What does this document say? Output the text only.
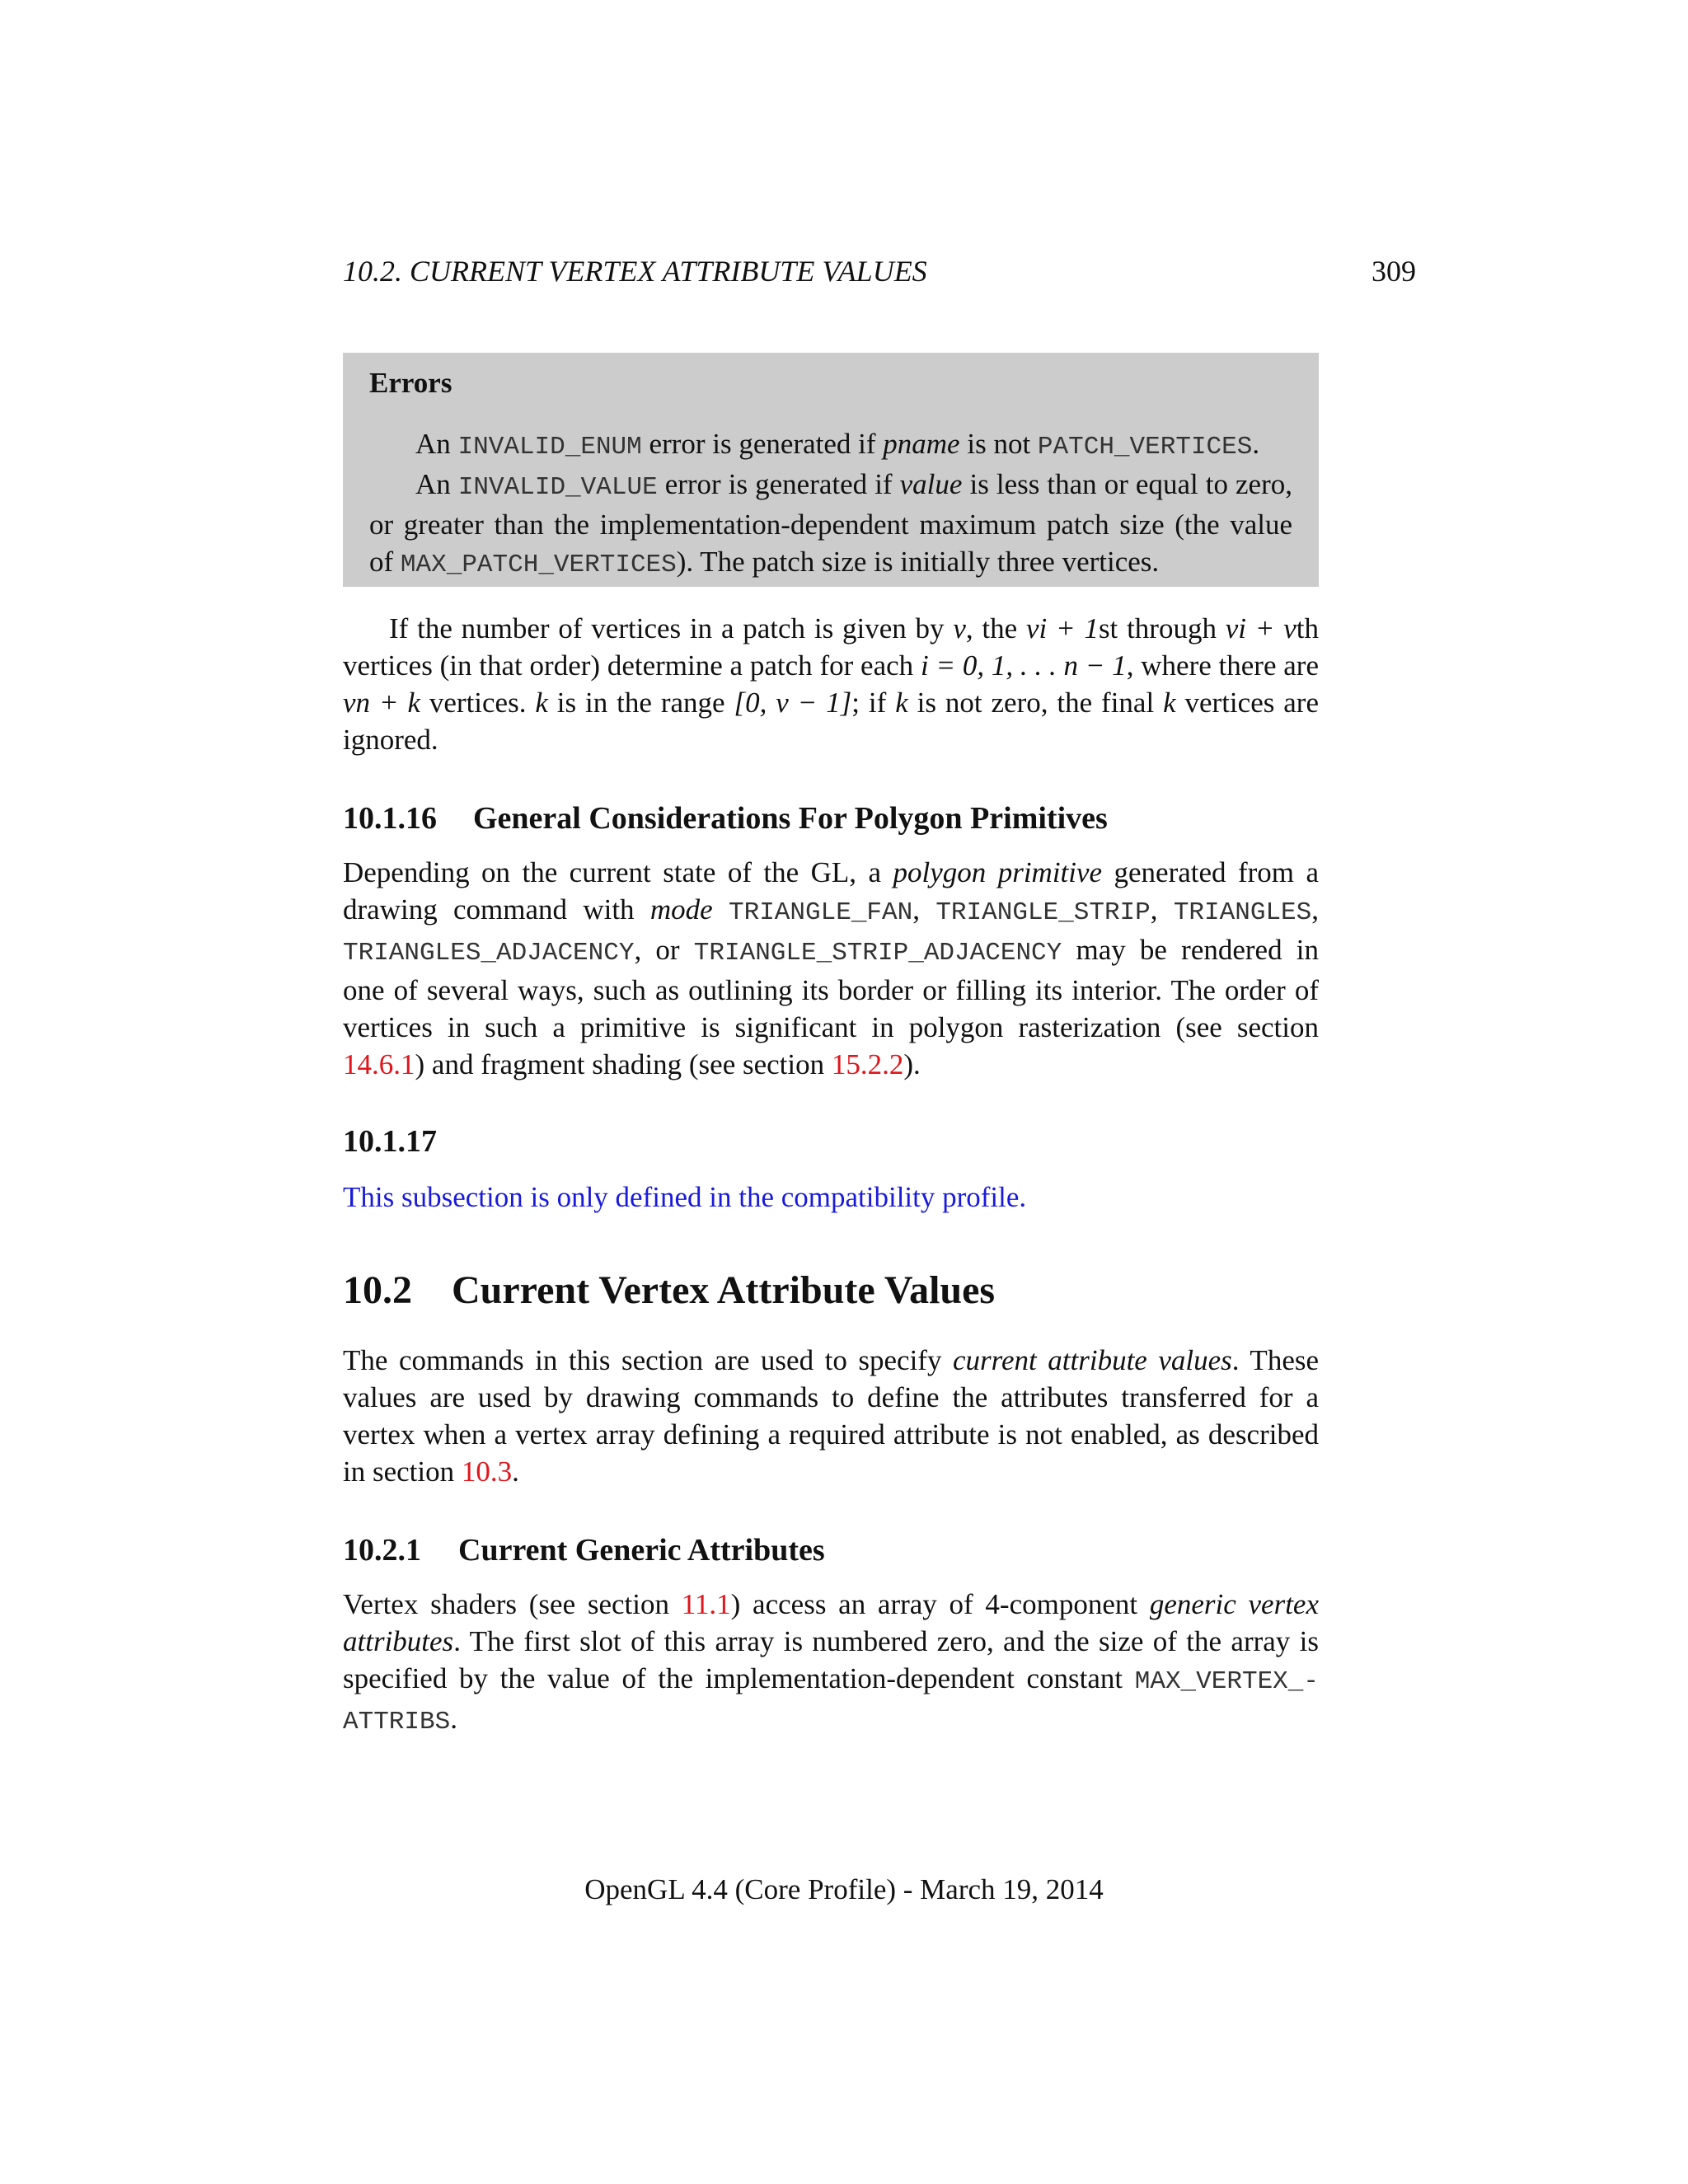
10.2. CURRENT VERTEX ATTRIBUTE VALUES	309

Errors

An INVALID_ENUM error is generated if pname is not PATCH_VERTICES.

An INVALID_VALUE error is generated if value is less than or equal to zero, or greater than the implementation-dependent maximum patch size (the value of MAX_PATCH_VERTICES). The patch size is initially three vertices.

If the number of vertices in a patch is given by v, the vi + 1st through vi + vth vertices (in that order) determine a patch for each i = 0, 1, . . . n − 1, where there are vn + k vertices. k is in the range [0, v − 1]; if k is not zero, the final k vertices are ignored.

10.1.16 General Considerations For Polygon Primitives

Depending on the current state of the GL, a polygon primitive generated from a drawing command with mode TRIANGLE_FAN, TRIANGLE_STRIP, TRIANGLES, TRIANGLES_ADJACENCY, or TRIANGLE_STRIP_ADJACENCY may be rendered in one of several ways, such as outlining its border or filling its interior. The order of vertices in such a primitive is significant in polygon rasterization (see section 14.6.1) and fragment shading (see section 15.2.2).

10.1.17

This subsection is only defined in the compatibility profile.

10.2 Current Vertex Attribute Values

The commands in this section are used to specify current attribute values. These values are used by drawing commands to define the attributes transferred for a vertex when a vertex array defining a required attribute is not enabled, as described in section 10.3.

10.2.1 Current Generic Attributes

Vertex shaders (see section 11.1) access an array of 4-component generic vertex attributes. The first slot of this array is numbered zero, and the size of the array is specified by the value of the implementation-dependent constant MAX_VERTEX_-ATTRIBS.

OpenGL 4.4 (Core Profile) - March 19, 2014
